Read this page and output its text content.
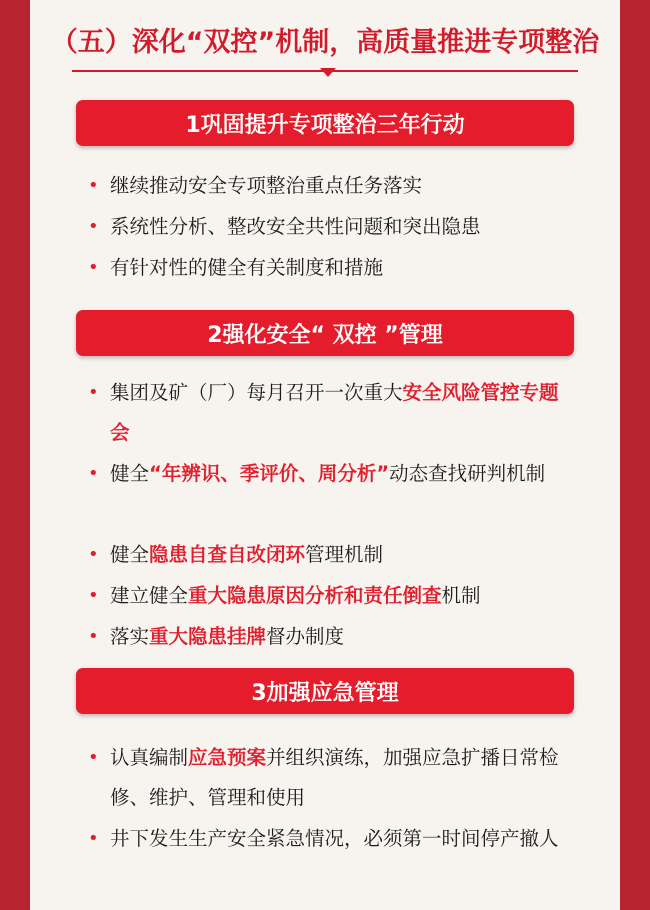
（五）深化“双控”机制，高质量推进专项整治
1巩固提升专项整治三年行动
• 继续推动安全专项整治重点任务落实
• 系统性分析、整改安全共性问题和突出隐患
• 有针对性的健全有关制度和措施
2强化安全“ 双控 ”管理
• 集团及矿（厂）每月召开一次重大安全风险管控专题会
• 健全“年辨识、季评价、周分析”动态查找研判机制
• 健全隐患自查自改闭环管理机制
• 建立健全重大隐患原因分析和责任倒查机制
• 落实重大隐患挂牌督办制度
3加强应急管理
• 认真编制应急预案并组织演练，加强应急扩播日常检修、维护、管理和使用
• 井下发生生产安全紧急情况，必须第一时间停产撤人
